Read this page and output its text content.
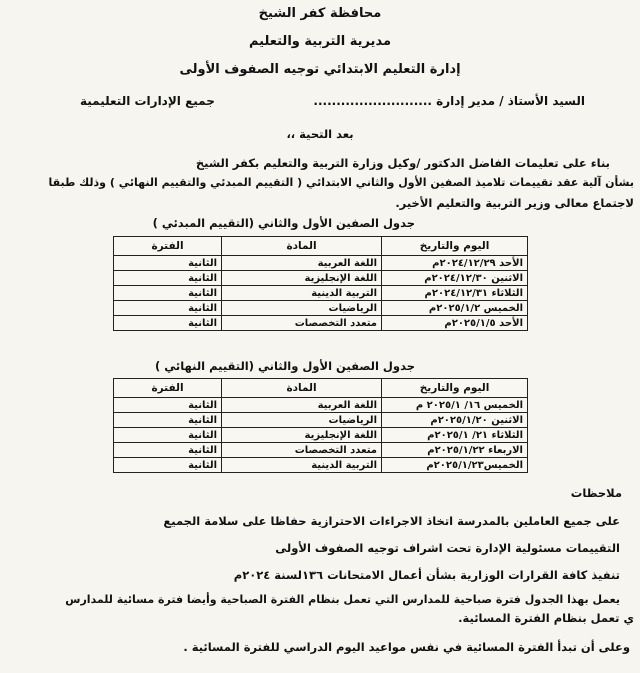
محافظة كفر الشيخ
مديرية التربية والتعليم
إدارة التعليم الابتدائي توجيه الصفوف الأولى
السيد الأستاذ / مدير إدارة ..........................
جميع الإدارات التعليمية
بعد التحية ،،
بناء على تعليمات الفاضل الدكتور /وكيل وزارة التربية والتعليم بكفر الشيخ
بشأن آلية عقد تقييمات تلاميذ الصفين الأول والثاني الابتدائي ( التقييم المبدئي والتقييم النهائي ) وذلك طبقا
لاجتماع معالى وزير التربية والتعليم الأخير.
جدول الصفين الأول والثاني (التقييم المبدئي )
اليوم والتاريخ	المادة	الفترة
الأحد ٢٠٢٤/١٢/٢٩م	اللغة العربية	الثانية
الاثنين ٢٠٢٤/١٢/٣٠م	اللغة الإنجليزية	الثانية
الثلاثاء ٢٠٢٤/١٢/٣١م	التربية الدينية	الثانية
الخميس ٢٠٢٥/١/٢م	الرياضيات	الثانية
الأحد ٢٠٢٥/١/٥م	متعدد التخصصات	الثانية
جدول الصفين الأول والثاني (التقييم النهائي )
اليوم والتاريخ	المادة	الفترة
الخميس ١٦/ ٢٠٢٥/١ م	اللغة العربية	الثانية
الاثنين ٢٠٢٥/١/٢٠م	الرياضيات	الثانية
الثلاثاء ٢١/ ٢٠٢٥/١م	اللغة الإنجليزية	الثانية
الاربعاء ٢٠٢٥/١/٢٢م	متعدد التخصصات	الثانية
الخميس٢٠٢٥/١/٢٣م	التربية الدينية	الثانية
ملاحظات
على جميع العاملين بالمدرسة اتخاذ الاجراءات الاحترازية حفاظا على سلامة الجميع
التقييمات مسئولية الإدارة تحت اشراف توجيه الصفوف الأولى
تنفيذ كافة القرارات الوزارية بشأن أعمال الامتحانات ١٣٦لسنة ٢٠٢٤م
يعمل بهذا الجدول فترة صباحية للمدارس التي تعمل بنظام الفترة الصباحية وأيضا فترة مسائية للمدارس
ي تعمل بنظام الفترة المسائية.
وعلى أن تبدأ الفترة المسائية في نفس مواعيد اليوم الدراسي للفترة المسائية .
